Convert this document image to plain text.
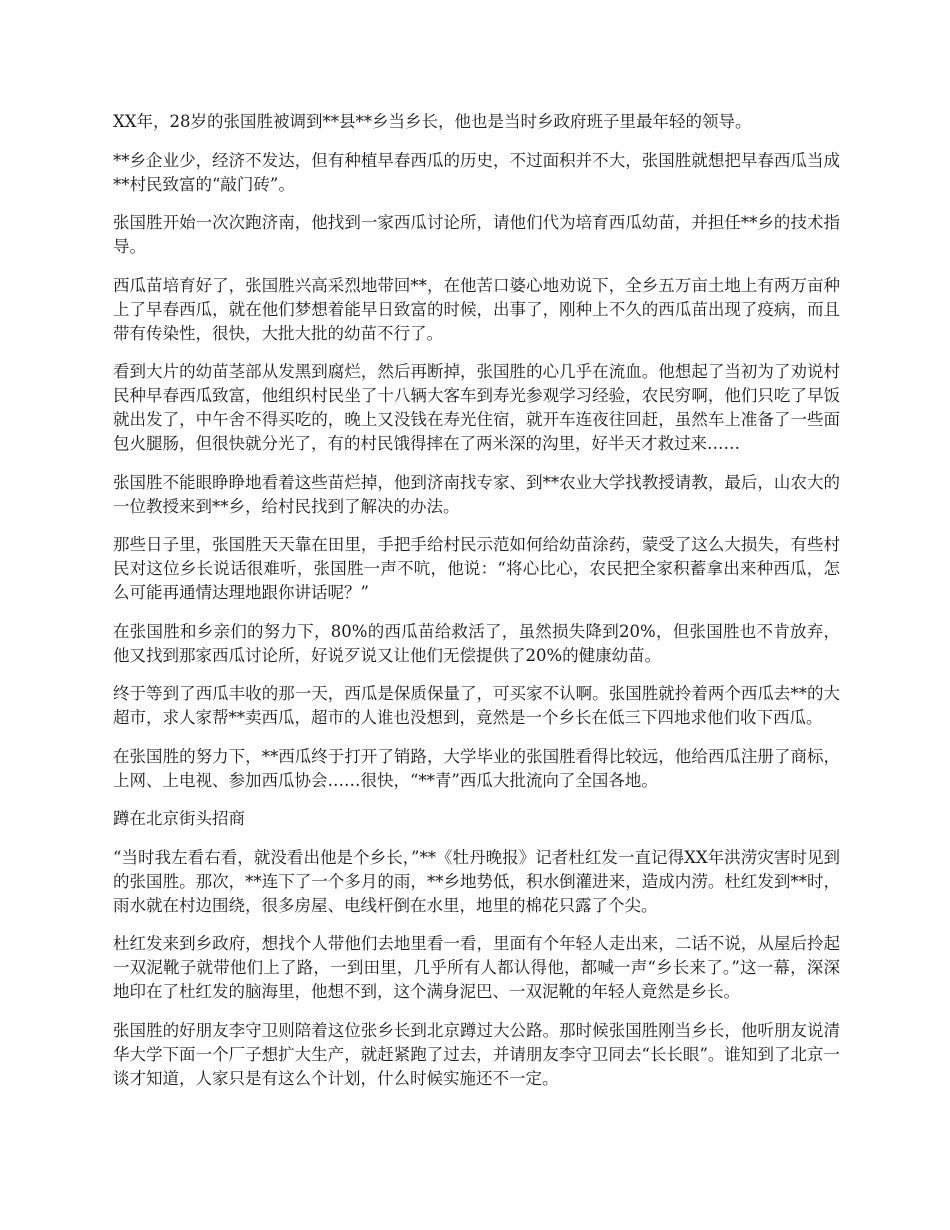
XX年，28岁的张国胜被调到**县**乡当乡长，他也是当时乡政府班子里最年轻的领导。

**乡企业少，经济不发达，但有种植早春西瓜的历史，不过面积并不大，张国胜就想把早春西瓜当成**村民致富的“敲门砖”。

张国胜开始一次次跑济南，他找到一家西瓜讨论所，请他们代为培育西瓜幼苗，并担任**乡的技术指导。

西瓜苗培育好了，张国胜兴高采烈地带回**，在他苦口婆心地劝说下，全乡五万亩土地上有两万亩种上了早春西瓜，就在他们梦想着能早日致富的时候，出事了，刚种上不久的西瓜苗出现了疫病，而且带有传染性，很快，大批大批的幼苗不行了。

看到大片的幼苗茎部从发黑到腐烂，然后再断掉，张国胜的心几乎在流血。他想起了当初为了劝说村民种早春西瓜致富，他组织村民坐了十八辆大客车到寿光参观学习经验，农民穷啊，他们只吃了早饭就出发了，中午舍不得买吃的，晚上又没钱在寿光住宿，就开车连夜往回赶，虽然车上准备了一些面包火腿肠，但很快就分光了，有的村民饿得摔在了两米深的沟里，好半天才救过来……

张国胜不能眼睁睁地看着这些苗烂掉，他到济南找专家、到**农业大学找教授请教，最后，山农大的一位教授来到**乡，给村民找到了解决的办法。

那些日子里，张国胜天天靠在田里，手把手给村民示范如何给幼苗涂药，蒙受了这么大损失，有些村民对这位乡长说话很难听，张国胜一声不吭，他说：“将心比心，农民把全家积蓄拿出来种西瓜，怎么可能再通情达理地跟你讲话呢？”

在张国胜和乡亲们的努力下，80%的西瓜苗给救活了，虽然损失降到20%，但张国胜也不肯放弃，他又找到那家西瓜讨论所，好说歹说又让他们无偿提供了20%的健康幼苗。

终于等到了西瓜丰收的那一天，西瓜是保质保量了，可买家不认啊。张国胜就拎着两个西瓜去**的大超市，求人家帮**卖西瓜，超市的人谁也没想到，竟然是一个乡长在低三下四地求他们收下西瓜。

在张国胜的努力下，**西瓜终于打开了销路，大学毕业的张国胜看得比较远，他给西瓜注册了商标，上网、上电视、参加西瓜协会……很快，“**青”西瓜大批流向了全国各地。

蹲在北京街头招商

“当时我左看右看，就没看出他是个乡长，”**《牡丹晚报》记者杜红发一直记得XX年洪涝灾害时见到的张国胜。那次，**连下了一个多月的雨，**乡地势低，积水倒灌进来，造成内涝。杜红发到**时，雨水就在村边围绕，很多房屋、电线杆倒在水里，地里的棉花只露了个尖。

杜红发来到乡政府，想找个人带他们去地里看一看，里面有个年轻人走出来，二话不说，从屋后拎起一双泥靴子就带他们上了路，一到田里，几乎所有人都认得他，都喊一声“乡长来了。”这一幕，深深地印在了杜红发的脑海里，他想不到，这个满身泥巴、一双泥靴的年轻人竟然是乡长。

张国胜的好朋友李守卫则陪着这位张乡长到北京蹲过大公路。那时候张国胜刚当乡长，他听朋友说清华大学下面一个厂子想扩大生产，就赶紧跑了过去，并请朋友李守卫同去“长长眼”。谁知到了北京一谈才知道，人家只是有这么个计划，什么时候实施还不一定。
